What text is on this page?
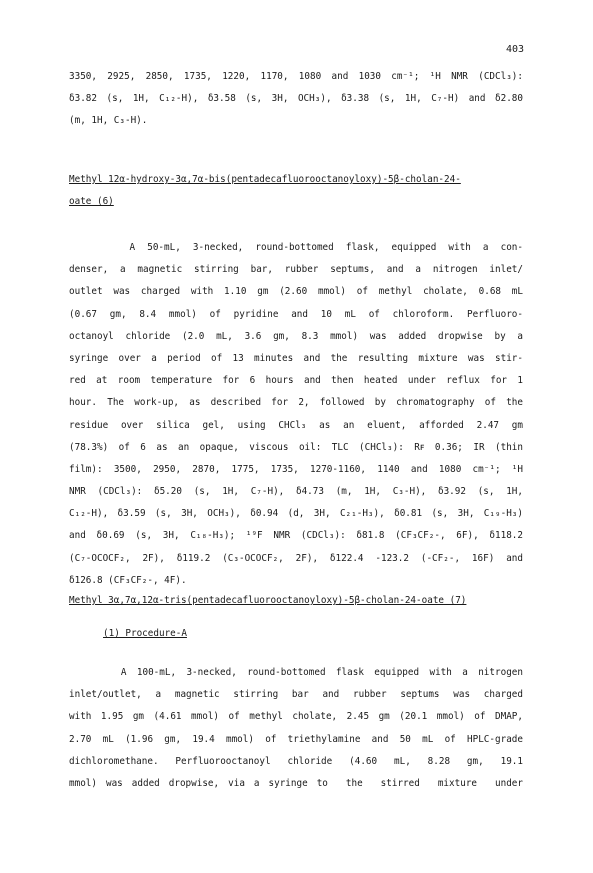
403
3350, 2925, 2850, 1735, 1220, 1170, 1080 and 1030 cm⁻¹; ¹H NMR (CDCl₃):
δ3.82 (s, 1H, C₁₂-H), δ3.58 (s, 3H, OCH₃), δ3.38 (s, 1H, C₇-H) and δ2.80
(m, 1H, C₃-H).
Methyl 12α-hydroxy-3α,7α-bis(pentadecafluorooctanoyloxy)-5β-cholan-24-
oate (6)
A 50-mL, 3-necked, round-bottomed flask, equipped with a con-
denser, a magnetic stirring bar, rubber septums, and a nitrogen inlet/
outlet was charged with 1.10 gm (2.60 mmol) of methyl cholate, 0.68 mL
(0.67 gm, 8.4 mmol) of pyridine and 10 mL of chloroform. Perfluoro-
octanoyl chloride (2.0 mL, 3.6 gm, 8.3 mmol) was added dropwise by a
syringe over a period of 13 minutes and the resulting mixture was stir-
red at room temperature for 6 hours and then heated under reflux for 1
hour. The work-up, as described for 2, followed by chromatography of the
residue over silica gel, using CHCl₃ as an eluent, afforded 2.47 gm
(78.3%) of 6 as an opaque, viscous oil: TLC (CHCl₃): Rꜰ 0.36; IR (thin
film): 3500, 2950, 2870, 1775, 1735, 1270-1160, 1140 and 1080 cm⁻¹; ¹H
NMR (CDCl₃): δ5.20 (s, 1H, C₇-H), δ4.73 (m, 1H, C₃-H), δ3.92 (s, 1H,
C₁₂-H), δ3.59 (s, 3H, OCH₃), δ0.94 (d, 3H, C₂₁-H₃), δ0.81 (s, 3H, C₁₉-H₃)
and δ0.69 (s, 3H, C₁₈-H₃); ¹⁹F NMR (CDCl₃): δ81.8 (CF₃CF₂-, 6F), δ118.2
(C₇-OCOCF₂, 2F), δ119.2 (C₃-OCOCF₂, 2F), δ122.4 -123.2 (-CF₂-, 16F) and
δ126.8 (CF₃CF₂-, 4F).
Methyl 3α,7α,12α-tris(pentadecafluorooctanoyloxy)-5β-cholan-24-oate (7)
(1) Procedure-A
A 100-mL, 3-necked, round-bottomed flask equipped with a nitrogen
inlet/outlet, a magnetic stirring bar and rubber septums was charged
with 1.95 gm (4.61 mmol) of methyl cholate, 2.45 gm (20.1 mmol) of DMAP,
2.70 mL (1.96 gm, 19.4 mmol) of triethylamine and 50 mL of HPLC-grade
dichloromethane. Perfluorooctanoyl chloride (4.60 mL, 8.28 gm, 19.1
mmol) was added dropwise, via a syringe to  the  stirred  mixture  under
